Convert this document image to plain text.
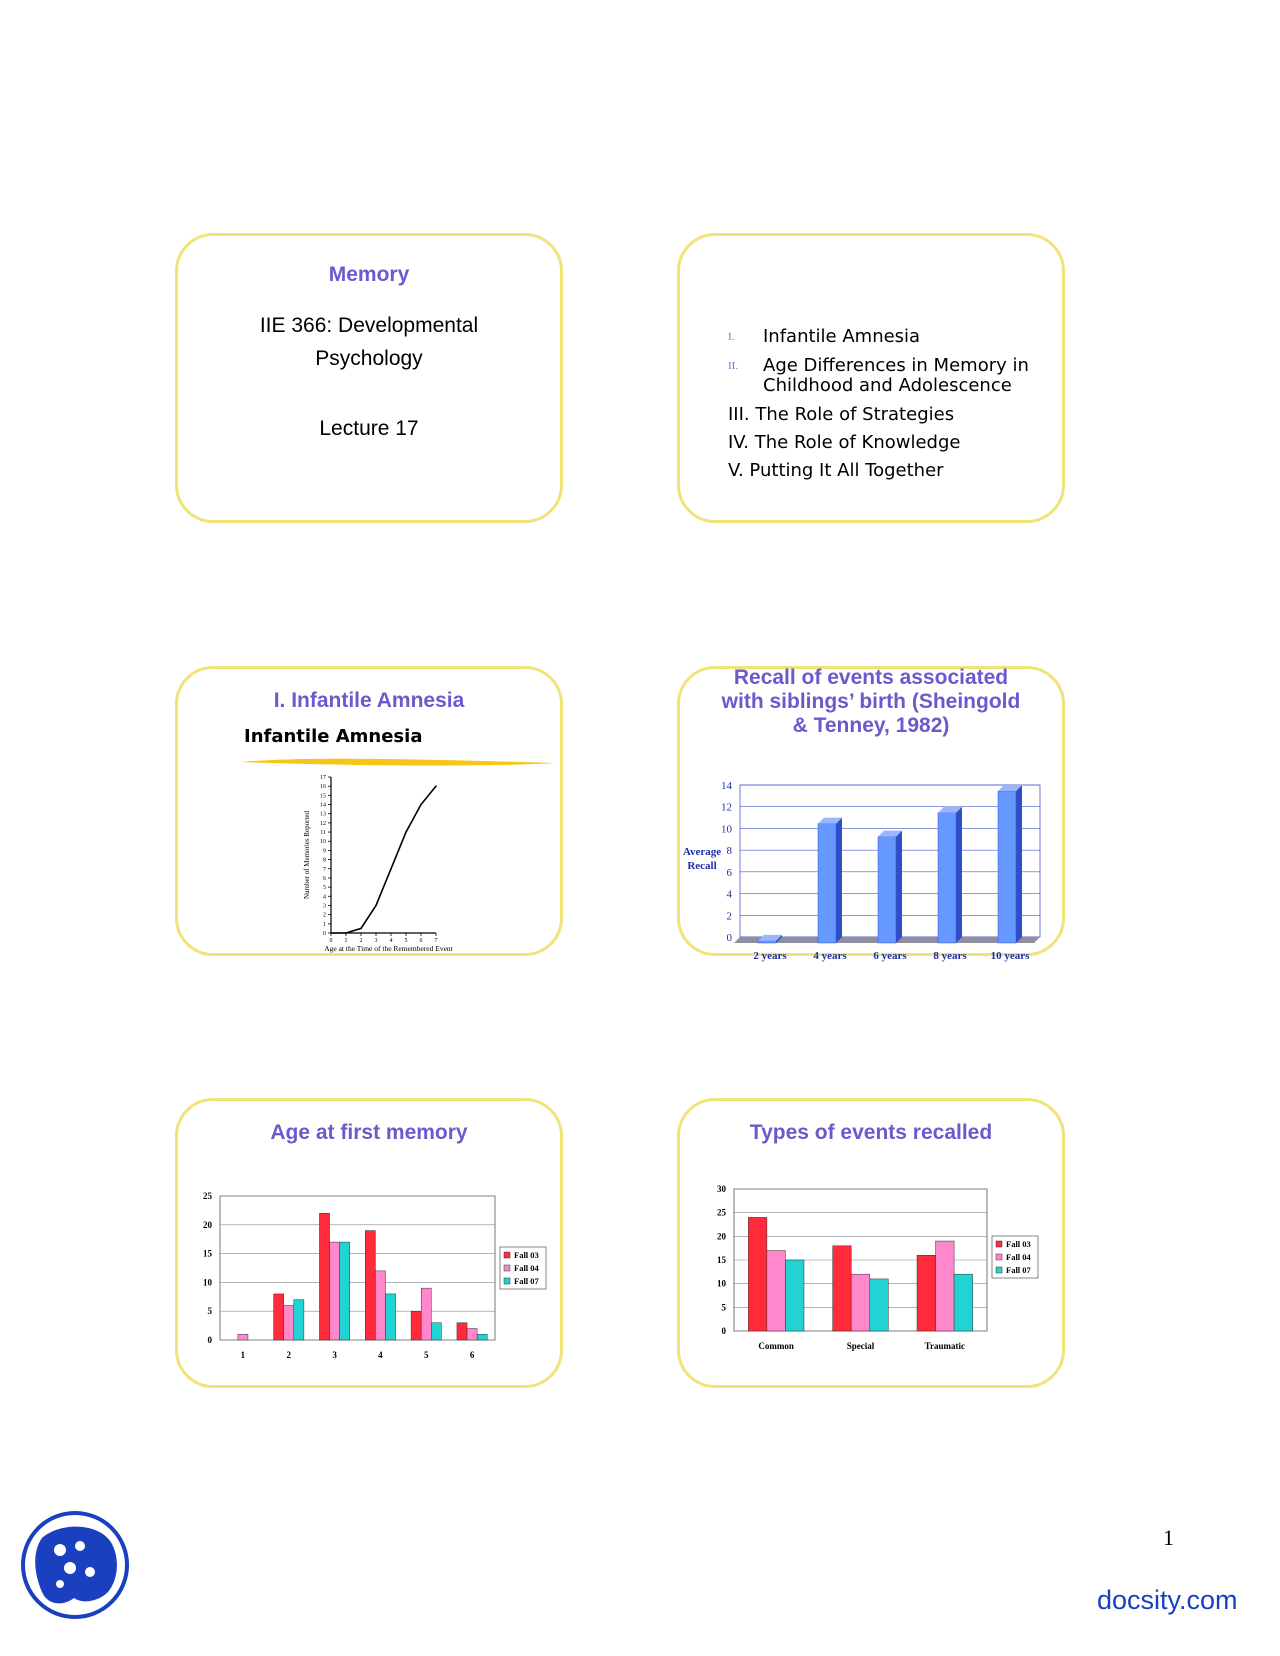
Memory
IIE 366: Developmental
Psychology
Lecture 17
I. Infantile Amnesia
II. Age Differences in Memory in
Childhood and Adolescence
III. The Role of Strategies
IV. The Role of Knowledge
V. Putting It All Together
I. Infantile Amnesia
Infantile Amnesia
0
1
2
3
4
5
6
7
8
9
10
11
12
13
14
15
16
17
0 1 2 3 4 5 6 7
Age at the Time of the Remembered Event
Number of Memories Reported
Recall of events associated
with siblings’ birth (Sheingold
& Tenney, 1982)
0
2
4
6
8
10
12
14
2 years 4 years 6 years 8 years 10 years
Average
Recall
Age at first memory
0
5
10
15
20
25
1	2	3	4	5	6
Fall 03
Fall 04
Fall 07
Types of events recalled
0
5
10
15
20
25
30
Common	Special	Traumatic
Fall 03
Fall 04
Fall 07
1
docsity.com
